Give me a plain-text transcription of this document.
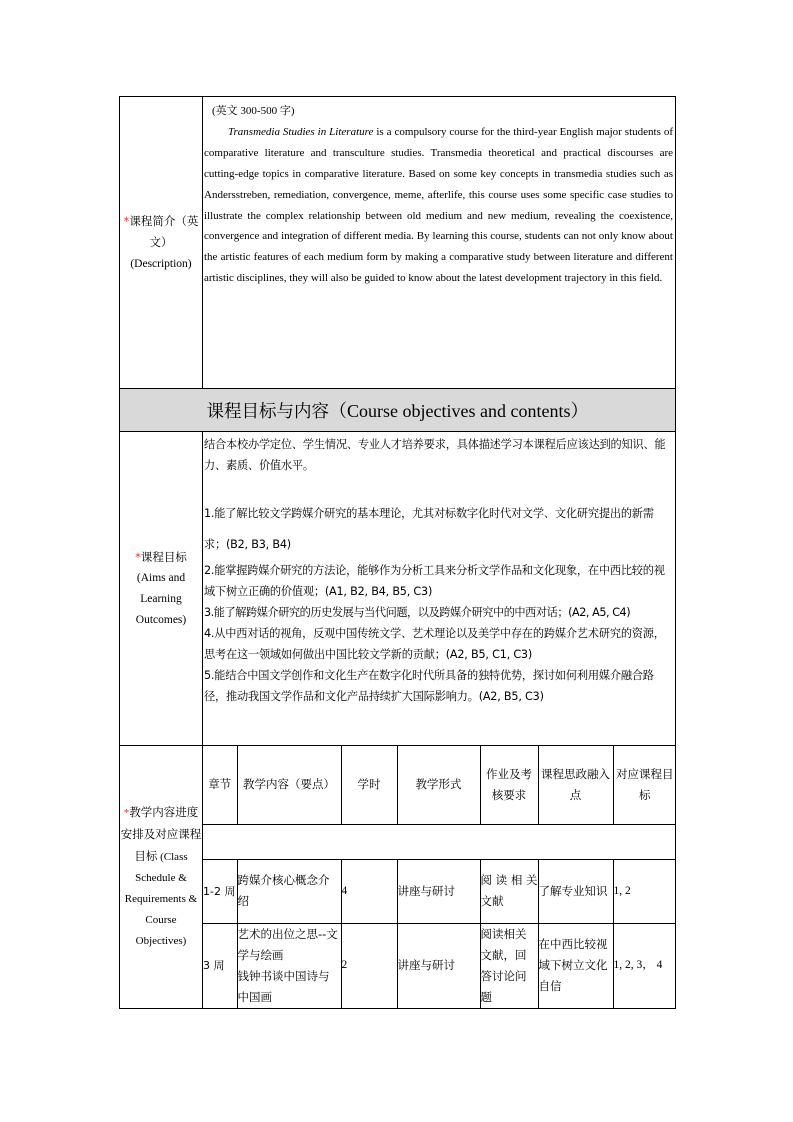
*课程简介（英文）
(Description)	

(英文 300-500 字)

Transmedia Studies in Literature is a compulsory course for the third-year English major students of comparative literature and transculture studies. Transmedia theoretical and practical discourses are cutting-edge topics in comparative literature. Based on some key concepts in transmedia studies such as Andersstreben, remediation, convergence, meme, afterlife, this course uses some specific case studies to illustrate the complex relationship between old medium and new medium, revealing the coexistence, convergence and integration of different media. By learning this course, students can not only know about the artistic features of each medium form by making a comparative study between literature and different artistic disciplines, they will also be guided to know about the latest development trajectory in this field.

课程目标与内容（Course objectives and contents）
*课程目标
(Aims and Learning Outcomes)	

结合本校办学定位、学生情况、专业人才培养要求，具体描述学习本课程后应该达到的知识、能力、素质、价值水平。

1.能了解比较文学跨媒介研究的基本理论，尤其对标数字化时代对文学、文化研究提出的新需求；(B2, B3, B4)

2.能掌握跨媒介研究的方法论，能够作为分析工具来分析文学作品和文化现象，在中西比较的视域下树立正确的价值观；(A1, B2, B4, B5, C3)

3.能了解跨媒介研究的历史发展与当代问题，以及跨媒介研究中的中西对话；(A2, A5, C4)

4.从中西对话的视角，反观中国传统文学、艺术理论以及美学中存在的跨媒介艺术研究的资源，思考在这一领域如何做出中国比较文学新的贡献；(A2, B5, C1, C3)

5.能结合中国文学创作和文化生产在数字化时代所具备的独特优势，探讨如何利用媒介融合路径，推动我国文学作品和文化产品持续扩大国际影响力。(A2, B5, C3)

*教学内容进度安排及对应课程目标 (Class Schedule & Requirements & Course Objectives)	
章节	教学内容（要点）	学时	教学形式	作业及考核要求	课程思政融入点	对应课程目标

1-2 周	跨媒介核心概念介绍	4	讲座与研讨	阅读相关文献	了解专业知识	1, 2
3 周	艺术的出位之思--文学与绘画
钱钟书谈中国诗与中国画	2	讲座与研讨	阅读相关文献，回答讨论问题	在中西比较视域下树立文化自信	1, 2, 3， 4
